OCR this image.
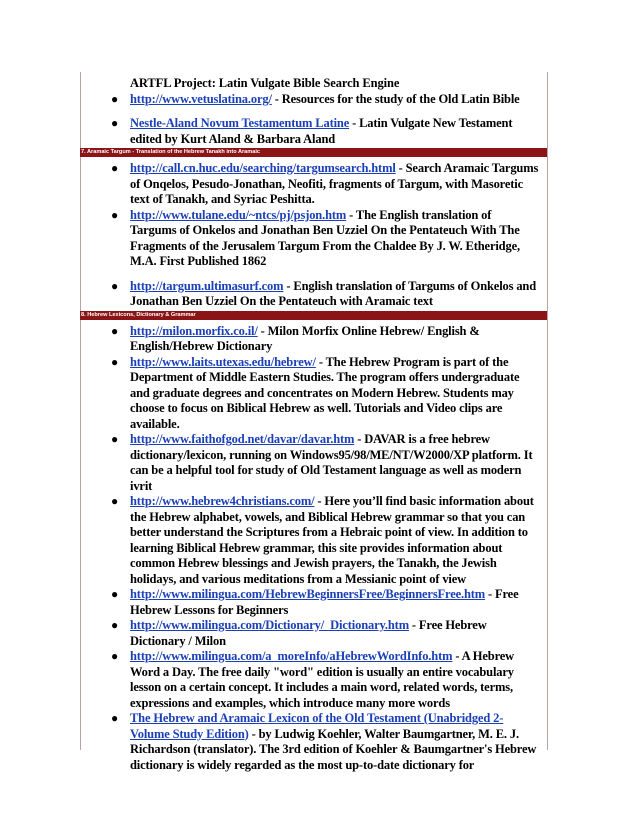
ARTFL Project: Latin Vulgate Bible Search Engine
● http://www.vetuslatina.org/ - Resources for the study of the Old Latin Bible
● Nestle-Aland Novum Testamentum Latine - Latin Vulgate New Testament edited by Kurt Aland & Barbara Aland
7. Aramaic Targum - Translation of the Hebrew Tanakh into Aramaic
● http://call.cn.huc.edu/searching/targumsearch.html - Search Aramaic Targums of Onqelos, Pesudo-Jonathan, Neofiti, fragments of Targum, with Masoretic text of Tanakh, and Syriac Peshitta.
● http://www.tulane.edu/~ntcs/pj/psjon.htm - The English translation of Targums of Onkelos and Jonathan Ben Uzziel On the Pentateuch With The Fragments of the Jerusalem Targum From the Chaldee By J. W. Etheridge, M.A. First Published 1862
● http://targum.ultimasurf.com - English translation of Targums of Onkelos and Jonathan Ben Uzziel On the Pentateuch with Aramaic text
8. Hebrew Lexicons, Dictionary & Grammar
● http://milon.morfix.co.il/ - Milon Morfix Online Hebrew/ English & English/Hebrew Dictionary
● http://www.laits.utexas.edu/hebrew/ - The Hebrew Program is part of the Department of Middle Eastern Studies. The program offers undergraduate and graduate degrees and concentrates on Modern Hebrew. Students may choose to focus on Biblical Hebrew as well. Tutorials and Video clips are available.
● http://www.faithofgod.net/davar/davar.htm - DAVAR is a free hebrew dictionary/lexicon, running on Windows95/98/ME/NT/W2000/XP platform. It can be a helpful tool for study of Old Testament language as well as modern ivrit
● http://www.hebrew4christians.com/ - Here you’ll find basic information about the Hebrew alphabet, vowels, and Biblical Hebrew grammar so that you can better understand the Scriptures from a Hebraic point of view. In addition to learning Biblical Hebrew grammar, this site provides information about common Hebrew blessings and Jewish prayers, the Tanakh, the Jewish holidays, and various meditations from a Messianic point of view
● http://www.milingua.com/HebrewBeginnersFree/BeginnersFree.htm - Free Hebrew Lessons for Beginners
● http://www.milingua.com/Dictionary/_Dictionary.htm - Free Hebrew Dictionary / Milon
● http://www.milingua.com/a_moreInfo/aHebrewWordInfo.htm - A Hebrew Word a Day. The free daily "word" edition is usually an entire vocabulary lesson on a certain concept. It includes a main word, related words, terms, expressions and examples, which introduce many more words
● The Hebrew and Aramaic Lexicon of the Old Testament (Unabridged 2-Volume Study Edition) - by Ludwig Koehler, Walter Baumgartner, M. E. J. Richardson (translator). The 3rd edition of Koehler & Baumgartner's Hebrew dictionary is widely regarded as the most up-to-date dictionary for
